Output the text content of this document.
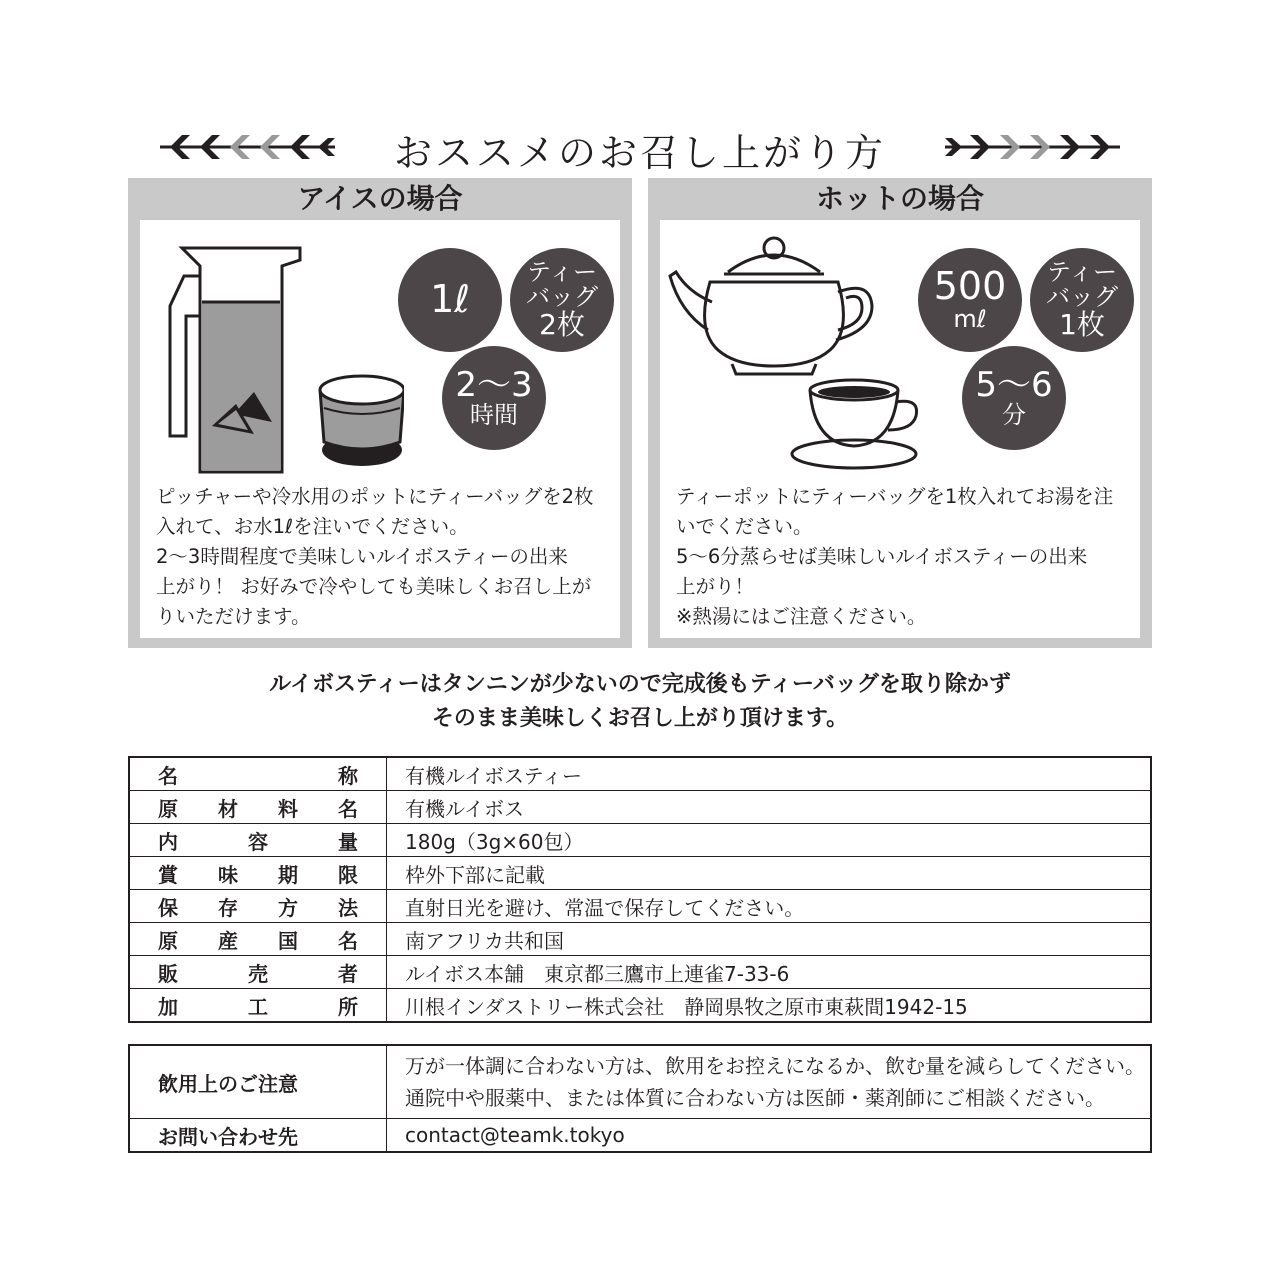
おススメのお召し上がり方
アイスの場合
1ℓ
ティー
バッグ
2枚
2〜3
時間

ピッチャーや冷水用のポットにティーバッグを2枚

入れて、お水1ℓを注いでください。

2〜3時間程度で美味しいルイボスティーの出来

上がり！ お好みで冷やしても美味しくお召し上が

りいただけます。

ホットの場合
500
mℓ
ティー
バッグ
1枚
5〜6
分

ティーポットにティーバッグを1枚入れてお湯を注

いでください。

5〜6分蒸らせば美味しいルイボスティーの出来

上がり！

※熱湯にはご注意ください。

ルイボスティーはタンニンが少ないので完成後もティーバッグを取り除かず

そのまま美味しくお召し上がり頂けます。

名 称	有機ルイボスティー

原 材 料 名	有機ルイボス

内 容 量	180g（3g×60包）

賞 味 期 限	枠外下部に記載

保 存 方 法	直射日光を避け、常温で保存してください。

原 産 国 名	南アフリカ共和国

販 売 者	ルイボス本舗　東京都三鷹市上連雀7-33-6

加 工 所	川根インダストリー株式会社　静岡県牧之原市東萩間1942-15
飲用上のご注意	万が一体調に合わない方は、飲用をお控えになるか、飲む量を減らしてください。
通院中や服薬中、または体質に合わない方は医師・薬剤師にご相談ください。

お問い合わせ先	contact@teamk.tokyo
